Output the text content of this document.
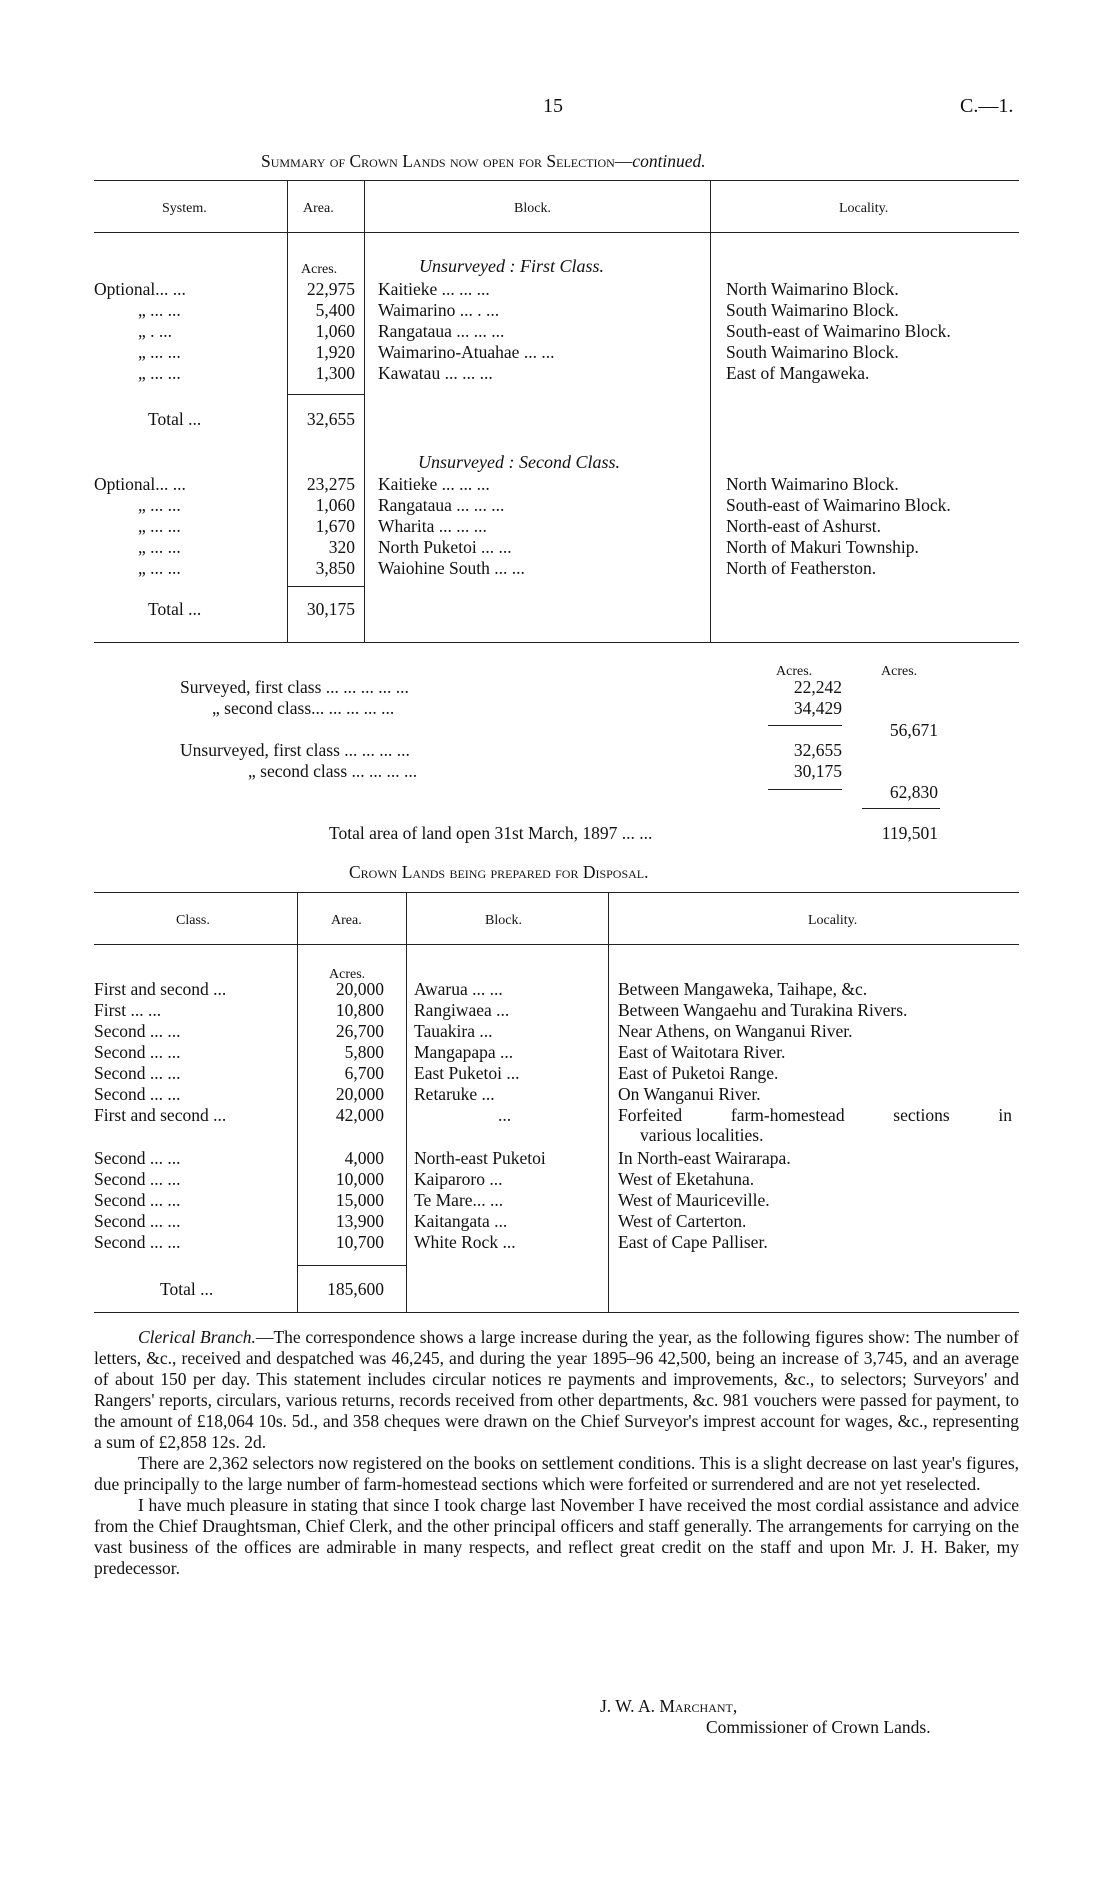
15	C.—1.
Summary of Crown Lands now open for Selection—continued.
System.	Area.	Block.	Locality.
Acres.	Unsurveyed : First Class.
Optional... ...	22,975 Kaitieke ... ... ...	North Waimarino Block.
„ ... ...	5,400 Waimarino ... . ...	South Waimarino Block.
„ . ...	1,060 Rangataua ... ... ...	South-east of Waimarino Block.
„ ... ...	1,920 Waimarino-Atuahae ... ...	South Waimarino Block.
„ ... ...	1,300 Kawatau ... ... ...	East of Mangaweka.
Total ...	32,655
Unsurveyed : Second Class.
Optional... ...	23,275 Kaitieke ... ... ...	North Waimarino Block.
„ ... ...	1,060 Rangataua ... ... ...	South-east of Waimarino Block.
„ ... ...	1,670 Wharita ... ... ...	North-east of Ashurst.
„ ... ...	320 North Puketoi ... ...	North of Makuri Township.
„ ... ...	3,850 Waiohine South ... ...	North of Featherston.
Total ...	30,175
Acres.	Acres.
Surveyed, first class ... ... ... ... ...	22,242
„ second class... ... ... ... ...	34,429
56,671
Unsurveyed, first class ... ... ... ...	32,655
„ second class ... ... ... ...	30,175
62,830
Total area of land open 31st March, 1897 ... ...	119,501
Crown Lands being prepared for Disposal.
Class.	Area.	Block.	Locality.
Acres.
First and second ...	20,000 Awarua ... ...	Between Mangaweka, Taihape, &c.
First ... ...	10,800 Rangiwaea ...	Between Wangaehu and Turakina Rivers.
Second ... ...	26,700 Tauakira ...	Near Athens, on Wanganui River.
Second ... ...	5,800 Mangapapa ...	East of Waitotara River.
Second ... ...	6,700 East Puketoi ...	East of Puketoi Range.
Second ... ...	20,000 Retaruke ...	On Wanganui River.
First and second ...	42,000	...	Forfeited farm-homestead sections in
various localities.
Second ... ...	4,000 North-east Puketoi	In North-east Wairarapa.
Second ... ...	10,000 Kaiparoro ...	West of Eketahuna.
Second ... ...	15,000 Te Mare... ...	West of Mauriceville.
Second ... ...	13,900 Kaitangata ...	West of Carterton.
Second ... ...	10,700 White Rock ...	East of Cape Palliser.
Total ...	185,600

Clerical Branch.—The correspondence shows a large increase during the year, as the following figures show: The number of letters, &c., received and despatched was 46,245, and during the year 1895–96 42,500, being an increase of 3,745, and an average of about 150 per day. This statement includes circular notices re payments and improvements, &c., to selectors; Surveyors' and Rangers' reports, circulars, various returns, records received from other departments, &c. 981 vouchers were passed for payment, to the amount of £18,064 10s. 5d., and 358 cheques were drawn on the Chief Surveyor's imprest account for wages, &c., representing a sum of £2,858 12s. 2d.

There are 2,362 selectors now registered on the books on settlement conditions. This is a slight decrease on last year's figures, due principally to the large number of farm-homestead sections which were forfeited or surrendered and are not yet reselected.

I have much pleasure in stating that since I took charge last November I have received the most cordial assistance and advice from the Chief Draughtsman, Chief Clerk, and the other principal officers and staff generally. The arrangements for carrying on the vast business of the offices are admirable in many respects, and reflect great credit on the staff and upon Mr. J. H. Baker, my predecessor.

J. W. A. Marchant,
Commissioner of Crown Lands.
